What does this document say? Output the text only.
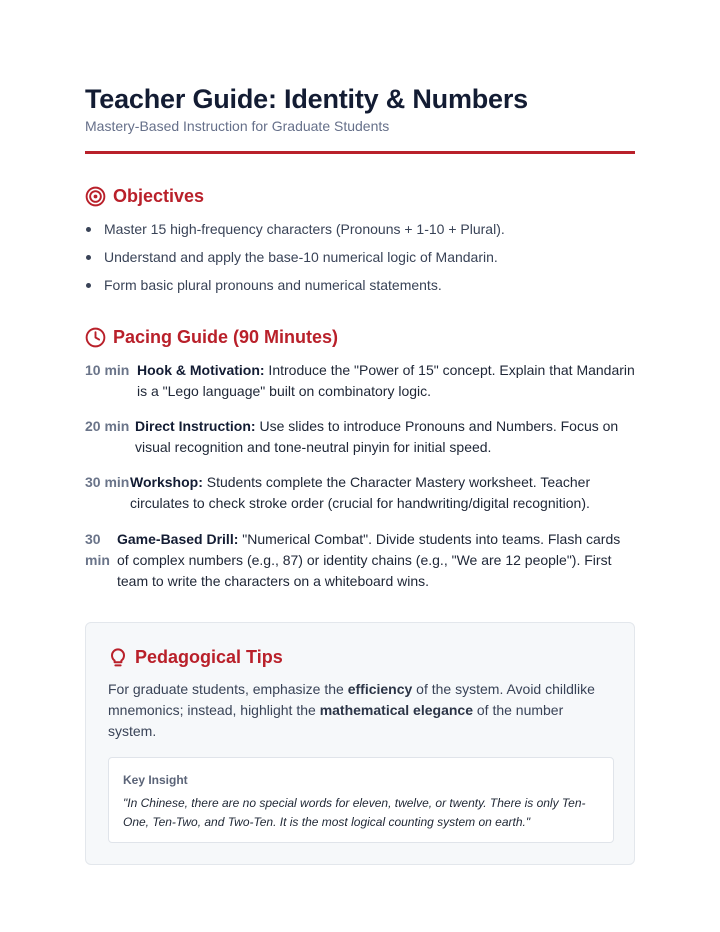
Teacher Guide: Identity & Numbers
Mastery-Based Instruction for Graduate Students
Objectives
Master 15 high-frequency characters (Pronouns + 1-10 + Plural).
Understand and apply the base-10 numerical logic of Mandarin.
Form basic plural pronouns and numerical statements.
Pacing Guide (90 Minutes)
10 min Hook & Motivation: Introduce the "Power of 15" concept. Explain that Mandarin is a "Lego language" built on combinatory logic.
20 min Direct Instruction: Use slides to introduce Pronouns and Numbers. Focus on visual recognition and tone-neutral pinyin for initial speed.
30 min Workshop: Students complete the Character Mastery worksheet. Teacher circulates to check stroke order (crucial for handwriting/digital recognition).
30 min
Game-Based Drill: "Numerical Combat". Divide students into teams. Flash cards of complex numbers (e.g., 87) or identity chains (e.g., "We are 12 people"). First team to write the characters on a whiteboard wins.
Pedagogical Tips
For graduate students, emphasize the efficiency of the system. Avoid childlike mnemonics; instead, highlight the mathematical elegance of the number system.
Key Insight
"In Chinese, there are no special words for eleven, twelve, or twenty. There is only Ten-One, Ten-Two, and Two-Ten. It is the most logical counting system on earth."
